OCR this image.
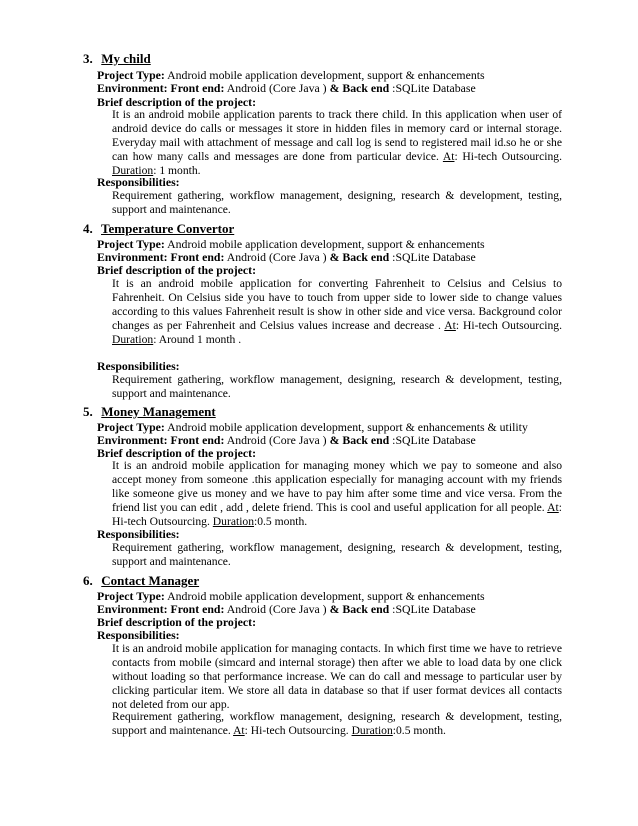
3. My child
Project Type: Android mobile application development, support & enhancements
Environment: Front end: Android (Core Java ) & Back end :SQLite Database
Brief description of the project:
It is an android mobile application parents to track there child. In this application when user of android device do calls or messages it store in hidden files in memory card or internal storage. Everyday mail with attachment of message and call log is send to registered mail id.so he or she can how many calls and messages are done from particular device. At: Hi-tech Outsourcing. Duration: 1 month.
Responsibilities:
Requirement gathering, workflow management, designing, research & development, testing, support and maintenance.
4. Temperature Convertor
Project Type: Android mobile application development, support & enhancements
Environment: Front end: Android (Core Java ) & Back end :SQLite Database
Brief description of the project:
It is an android mobile application for converting Fahrenheit to Celsius and Celsius to Fahrenheit. On Celsius side you have to touch from upper side to lower side to change values according to this values Fahrenheit result is show in other side and vice versa. Background color changes as per Fahrenheit and Celsius values increase and decrease . At: Hi-tech Outsourcing. Duration: Around 1 month .
Responsibilities:
Requirement gathering, workflow management, designing, research & development, testing, support and maintenance.
5. Money Management
Project Type: Android mobile application development, support & enhancements & utility
Environment: Front end: Android (Core Java ) & Back end :SQLite Database
Brief description of the project:
It is an android mobile application for managing money which we pay to someone and also accept money from someone .this application especially for managing account with my friends like someone give us money and we have to pay him after some time and vice versa. From the friend list you can edit , add , delete friend. This is cool and useful application for all people. At: Hi-tech Outsourcing. Duration:0.5 month.
Responsibilities:
Requirement gathering, workflow management, designing, research & development, testing, support and maintenance.
6. Contact Manager
Project Type: Android mobile application development, support & enhancements
Environment: Front end: Android (Core Java ) & Back end :SQLite Database
Brief description of the project:
Responsibilities:
It is an android mobile application for managing contacts. In which first time we have to retrieve contacts from mobile (simcard and internal storage) then after we able to load data by one click without loading so that performance increase. We can do call and message to particular user by clicking particular item. We store all data in database so that if user format devices all contacts not deleted from our app.
Requirement gathering, workflow management, designing, research & development, testing, support and maintenance. At: Hi-tech Outsourcing. Duration:0.5 month.
